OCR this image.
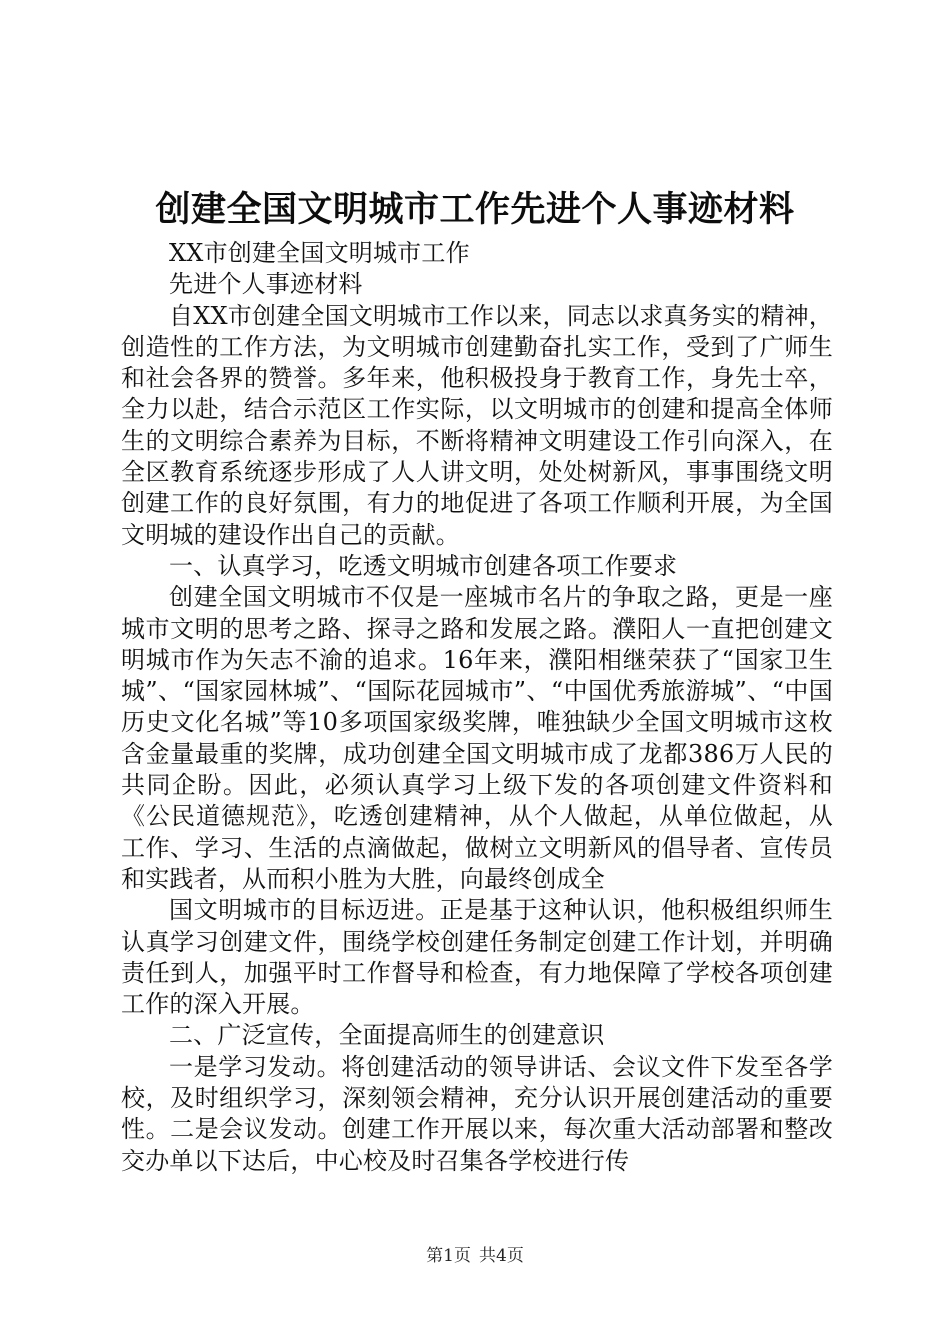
创建全国文明城市工作先进个人事迹材料

XX市创建全国文明城市工作

先进个人事迹材料

自XX市创建全国文明城市工作以来，同志以求真务实的精神，创造性的工作方法，为文明城市创建勤奋扎实工作，受到了广师生和社会各界的赞誉。多年来，他积极投身于教育工作，身先士卒，全力以赴，结合示范区工作实际，以文明城市的创建和提高全体师生的文明综合素养为目标，不断将精神文明建设工作引向深入，在全区教育系统逐步形成了人人讲文明，处处树新风，事事围绕文明创建工作的良好氛围，有力的地促进了各项工作顺利开展，为全国文明城的建设作出自己的贡献。

一、认真学习，吃透文明城市创建各项工作要求

创建全国文明城市不仅是一座城市名片的争取之路，更是一座城市文明的思考之路、探寻之路和发展之路。濮阳人一直把创建文明城市作为矢志不渝的追求。16年来，濮阳相继荣获了“国家卫生城”、“国家园林城”、“国际花园城市”、“中国优秀旅游城”、“中国历史文化名城”等10多项国家级奖牌，唯独缺少全国文明城市这枚含金量最重的奖牌，成功创建全国文明城市成了龙都386万人民的共同企盼。因此，必须认真学习上级下发的各项创建文件资料和《公民道德规范》，吃透创建精神，从个人做起，从单位做起，从工作、学习、生活的点滴做起，做树立文明新风的倡导者、宣传员和实践者，从而积小胜为大胜，向最终创成全

国文明城市的目标迈进。正是基于这种认识，他积极组织师生认真学习创建文件，围绕学校创建任务制定创建工作计划，并明确责任到人，加强平时工作督导和检查，有力地保障了学校各项创建工作的深入开展。

二、广泛宣传，全面提高师生的创建意识

一是学习发动。将创建活动的领导讲话、会议文件下发至各学校，及时组织学习，深刻领会精神，充分认识开展创建活动的重要性。二是会议发动。创建工作开展以来，每次重大活动部署和整改交办单以下达后，中心校及时召集各学校进行传

第1页 共4页
